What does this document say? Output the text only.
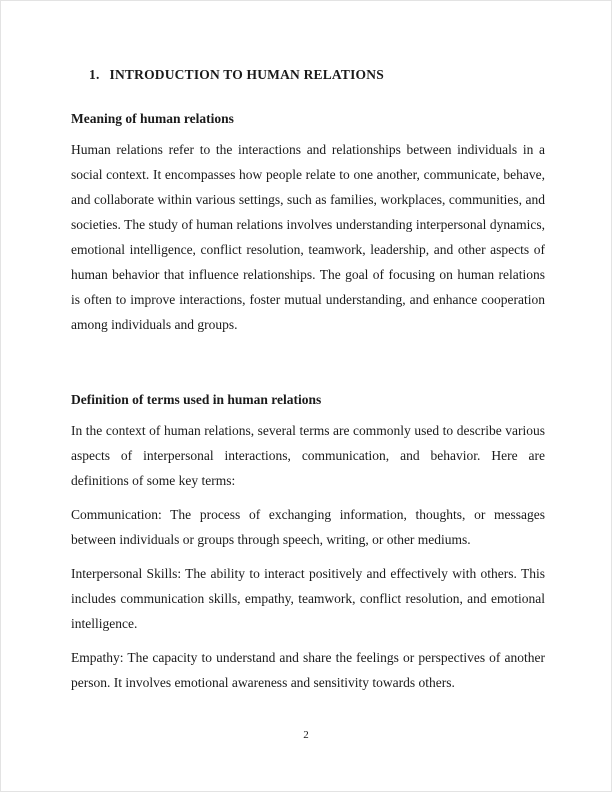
1. INTRODUCTION TO HUMAN RELATIONS
Meaning of human relations

Human relations refer to the interactions and relationships between individuals in a social context. It encompasses how people relate to one another, communicate, behave, and collaborate within various settings, such as families, workplaces, communities, and societies. The study of human relations involves understanding interpersonal dynamics, emotional intelligence, conflict resolution, teamwork, leadership, and other aspects of human behavior that influence relationships. The goal of focusing on human relations is often to improve interactions, foster mutual understanding, and enhance cooperation among individuals and groups.

Definition of terms used in human relations

In the context of human relations, several terms are commonly used to describe various aspects of interpersonal interactions, communication, and behavior. Here are definitions of some key terms:

Communication: The process of exchanging information, thoughts, or messages between individuals or groups through speech, writing, or other mediums.

Interpersonal Skills: The ability to interact positively and effectively with others. This includes communication skills, empathy, teamwork, conflict resolution, and emotional intelligence.

Empathy: The capacity to understand and share the feelings or perspectives of another person. It involves emotional awareness and sensitivity towards others.

2
